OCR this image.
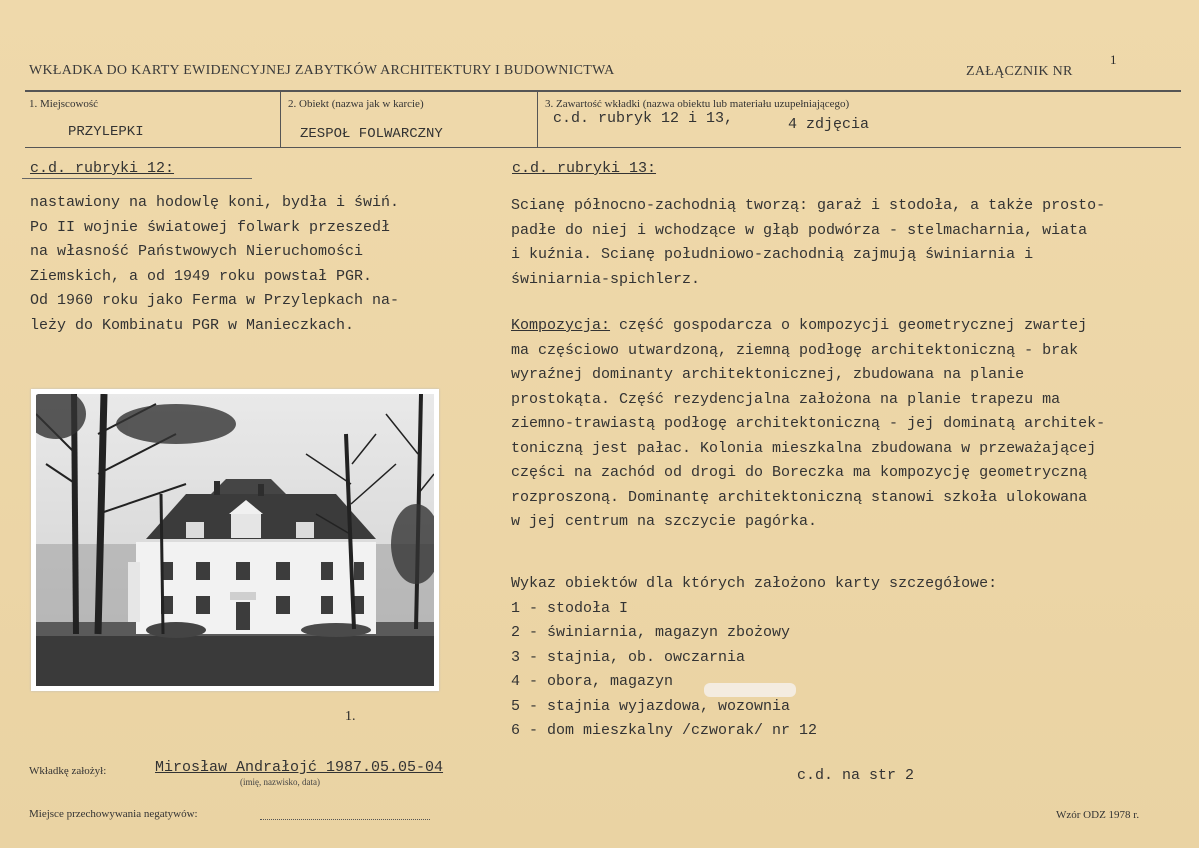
WKŁADKA DO KARTY EWIDENCYJNEJ ZABYTKÓW ARCHITEKTURY I BUDOWNICTWA	ZAŁĄCZNIK NR
1
1. Miejscowość
PRZYLEPKI
2. Obiekt (nazwa jak w karcie)
ZESPOŁ FOLWARCZNY
3. Zawartość wkładki (nazwa obiektu lub materiału uzupełniającego)
c.d. rubryk 12 i 13,	4 zdjęcia
c.d. rubryki 12:
nastawiony na hodowlę koni, bydła i świń.
Po II wojnie światowej folwark przeszedł
na własność Państwowych Nieruchomości
Ziemskich, a od 1949 roku powstał PGR.
Od 1960 roku jako Ferma w Przylepkach na-
leży do Kombinatu PGR w Manieczkach.
1.
c.d. rubryki 13:
Scianę północno-zachodnią tworzą: garaż i stodoła, a także prosto-
padłe do niej i wchodzące w głąb podwórza - stelmacharnia, wiata
i kuźnia. Scianę południowo-zachodnią zajmują świniarnia i
świniarnia-spichlerz.
Kompozycja: część gospodarcza o kompozycji geometrycznej zwartej
ma częściowo utwardzoną, ziemną podłogę architektoniczną - brak
wyraźnej dominanty architektonicznej, zbudowana na planie
prostokąta. Część rezydencjalna założona na planie trapezu ma
ziemno-trawiastą podłogę architektoniczną - jej dominatą architek-
toniczną jest pałac. Kolonia mieszkalna zbudowana w przeważającej
części na zachód od drogi do Boreczka ma kompozycję geometryczną
rozproszoną. Dominantę architektoniczną stanowi szkoła ulokowana
w jej centrum na szczycie pagórka.
Wykaz obiektów dla których założono karty szczegółowe:
1 - stodoła I
2 - świniarnia, magazyn zbożowy
3 - stajnia, ob. owczarnia
4 - obora, magazyn
5 - stajnia wyjazdowa, wozownia
6 - dom mieszkalny /czworak/ nr 12
c.d. na str 2
Wkładkę założył:	Mirosław Andrałojć 1987.05.05-04
(imię, nazwisko, data)
Miejsce przechowywania negatywów:	Wzór ODZ 1978 r.
